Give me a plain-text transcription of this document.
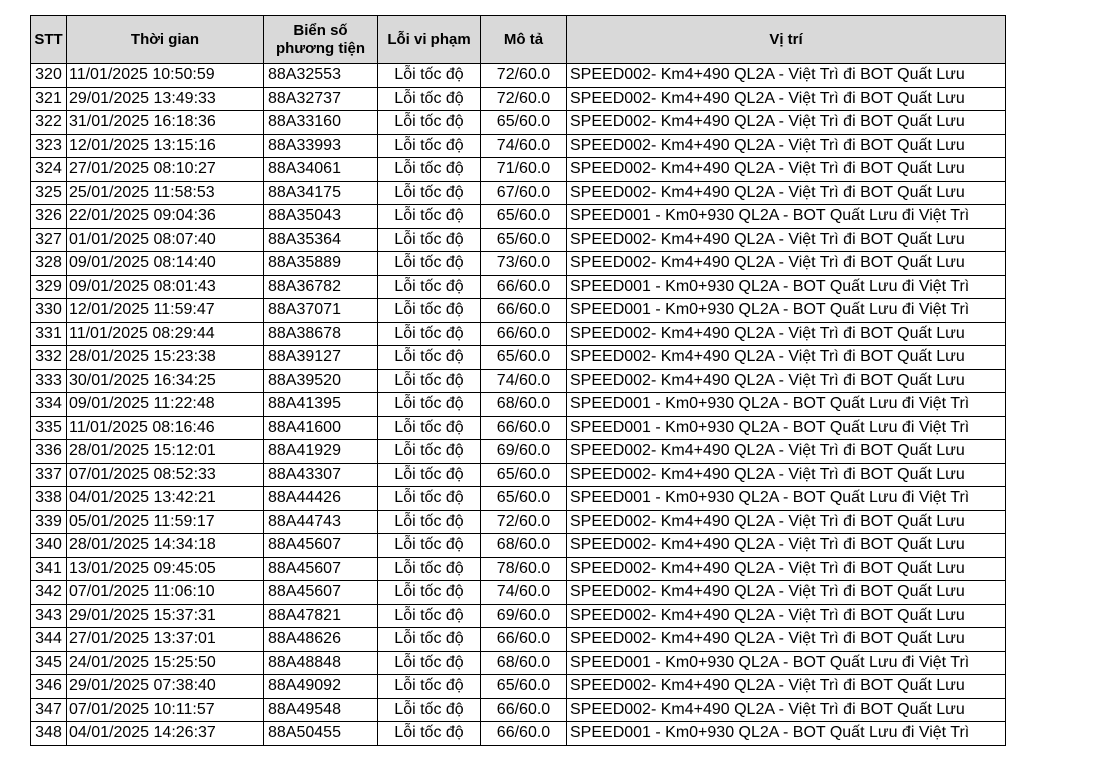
STT	Thời gian	Biển số
phương tiện	Lỗi vi phạm	Mô tả	Vị trí
320	11/01/2025 10:50:59	88A32553	Lỗi tốc độ	72/60.0	SPEED002- Km4+490 QL2A - Việt Trì đi BOT Quất Lưu
321	29/01/2025 13:49:33	88A32737	Lỗi tốc độ	72/60.0	SPEED002- Km4+490 QL2A - Việt Trì đi BOT Quất Lưu
322	31/01/2025 16:18:36	88A33160	Lỗi tốc độ	65/60.0	SPEED002- Km4+490 QL2A - Việt Trì đi BOT Quất Lưu
323	12/01/2025 13:15:16	88A33993	Lỗi tốc độ	74/60.0	SPEED002- Km4+490 QL2A - Việt Trì đi BOT Quất Lưu
324	27/01/2025 08:10:27	88A34061	Lỗi tốc độ	71/60.0	SPEED002- Km4+490 QL2A - Việt Trì đi BOT Quất Lưu
325	25/01/2025 11:58:53	88A34175	Lỗi tốc độ	67/60.0	SPEED002- Km4+490 QL2A - Việt Trì đi BOT Quất Lưu
326	22/01/2025 09:04:36	88A35043	Lỗi tốc độ	65/60.0	SPEED001 - Km0+930 QL2A - BOT Quất Lưu đi Việt Trì
327	01/01/2025 08:07:40	88A35364	Lỗi tốc độ	65/60.0	SPEED002- Km4+490 QL2A - Việt Trì đi BOT Quất Lưu
328	09/01/2025 08:14:40	88A35889	Lỗi tốc độ	73/60.0	SPEED002- Km4+490 QL2A - Việt Trì đi BOT Quất Lưu
329	09/01/2025 08:01:43	88A36782	Lỗi tốc độ	66/60.0	SPEED001 - Km0+930 QL2A - BOT Quất Lưu đi Việt Trì
330	12/01/2025 11:59:47	88A37071	Lỗi tốc độ	66/60.0	SPEED001 - Km0+930 QL2A - BOT Quất Lưu đi Việt Trì
331	11/01/2025 08:29:44	88A38678	Lỗi tốc độ	66/60.0	SPEED002- Km4+490 QL2A - Việt Trì đi BOT Quất Lưu
332	28/01/2025 15:23:38	88A39127	Lỗi tốc độ	65/60.0	SPEED002- Km4+490 QL2A - Việt Trì đi BOT Quất Lưu
333	30/01/2025 16:34:25	88A39520	Lỗi tốc độ	74/60.0	SPEED002- Km4+490 QL2A - Việt Trì đi BOT Quất Lưu
334	09/01/2025 11:22:48	88A41395	Lỗi tốc độ	68/60.0	SPEED001 - Km0+930 QL2A - BOT Quất Lưu đi Việt Trì
335	11/01/2025 08:16:46	88A41600	Lỗi tốc độ	66/60.0	SPEED001 - Km0+930 QL2A - BOT Quất Lưu đi Việt Trì
336	28/01/2025 15:12:01	88A41929	Lỗi tốc độ	69/60.0	SPEED002- Km4+490 QL2A - Việt Trì đi BOT Quất Lưu
337	07/01/2025 08:52:33	88A43307	Lỗi tốc độ	65/60.0	SPEED002- Km4+490 QL2A - Việt Trì đi BOT Quất Lưu
338	04/01/2025 13:42:21	88A44426	Lỗi tốc độ	65/60.0	SPEED001 - Km0+930 QL2A - BOT Quất Lưu đi Việt Trì
339	05/01/2025 11:59:17	88A44743	Lỗi tốc độ	72/60.0	SPEED002- Km4+490 QL2A - Việt Trì đi BOT Quất Lưu
340	28/01/2025 14:34:18	88A45607	Lỗi tốc độ	68/60.0	SPEED002- Km4+490 QL2A - Việt Trì đi BOT Quất Lưu
341	13/01/2025 09:45:05	88A45607	Lỗi tốc độ	78/60.0	SPEED002- Km4+490 QL2A - Việt Trì đi BOT Quất Lưu
342	07/01/2025 11:06:10	88A45607	Lỗi tốc độ	74/60.0	SPEED002- Km4+490 QL2A - Việt Trì đi BOT Quất Lưu
343	29/01/2025 15:37:31	88A47821	Lỗi tốc độ	69/60.0	SPEED002- Km4+490 QL2A - Việt Trì đi BOT Quất Lưu
344	27/01/2025 13:37:01	88A48626	Lỗi tốc độ	66/60.0	SPEED002- Km4+490 QL2A - Việt Trì đi BOT Quất Lưu
345	24/01/2025 15:25:50	88A48848	Lỗi tốc độ	68/60.0	SPEED001 - Km0+930 QL2A - BOT Quất Lưu đi Việt Trì
346	29/01/2025 07:38:40	88A49092	Lỗi tốc độ	65/60.0	SPEED002- Km4+490 QL2A - Việt Trì đi BOT Quất Lưu
347	07/01/2025 10:11:57	88A49548	Lỗi tốc độ	66/60.0	SPEED002- Km4+490 QL2A - Việt Trì đi BOT Quất Lưu
348	04/01/2025 14:26:37	88A50455	Lỗi tốc độ	66/60.0	SPEED001 - Km0+930 QL2A - BOT Quất Lưu đi Việt Trì
